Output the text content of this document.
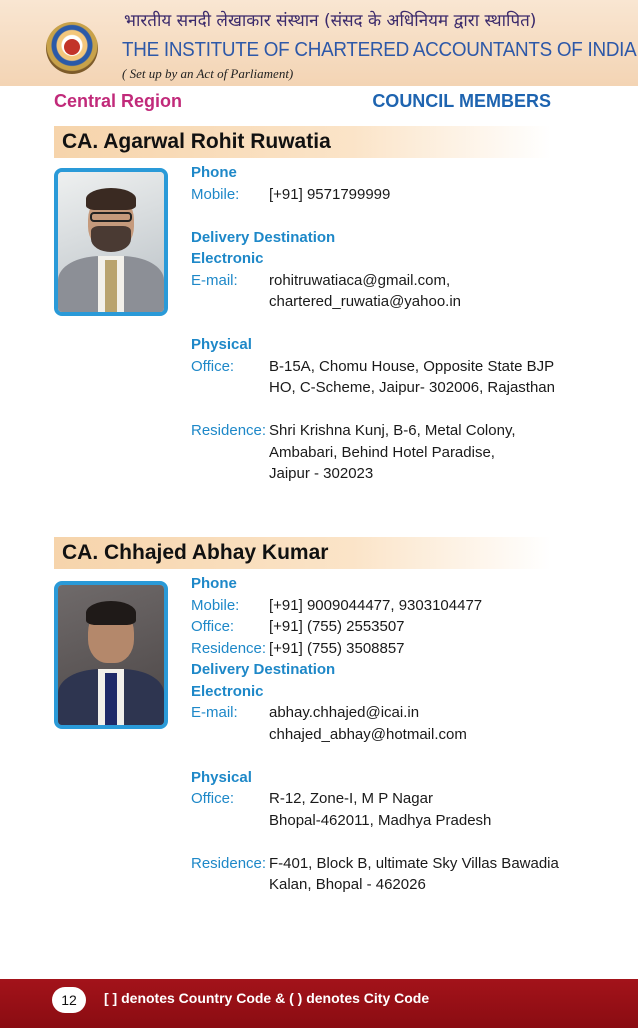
भारतीय सनदी लेखाकार संस्थान (संसद के अधिनियम द्वारा स्थापित)
THE INSTITUTE OF CHARTERED ACCOUNTANTS OF INDIA
( Set up by an Act of Parliament)
Central Region	COUNCIL MEMBERS
CA. Agarwal Rohit Ruwatia
Phone
Mobile: [+91] 9571799999
Delivery Destination
Electronic
E-mail: rohitruwatiaca@gmail.com,
chartered_ruwatia@yahoo.in
Physical
Office: B-15A, Chomu House, Opposite State BJP
HO, C-Scheme, Jaipur- 302006, Rajasthan
Residence: Shri Krishna Kunj, B-6, Metal Colony,
Ambabari, Behind Hotel Paradise,
Jaipur - 302023
CA. Chhajed Abhay Kumar
Phone
Mobile: [+91] 9009044477, 9303104477
Office: [+91] (755) 2553507
Residence: [+91] (755) 3508857
Delivery Destination
Electronic
E-mail: abhay.chhajed@icai.in
chhajed_abhay@hotmail.com
Physical
Office: R-12, Zone-I, M P Nagar
Bhopal-462011, Madhya Pradesh
Residence: F-401, Block B, ultimate Sky Villas Bawadia
Kalan, Bhopal - 462026
12	[ ] denotes Country Code & ( ) denotes City Code
